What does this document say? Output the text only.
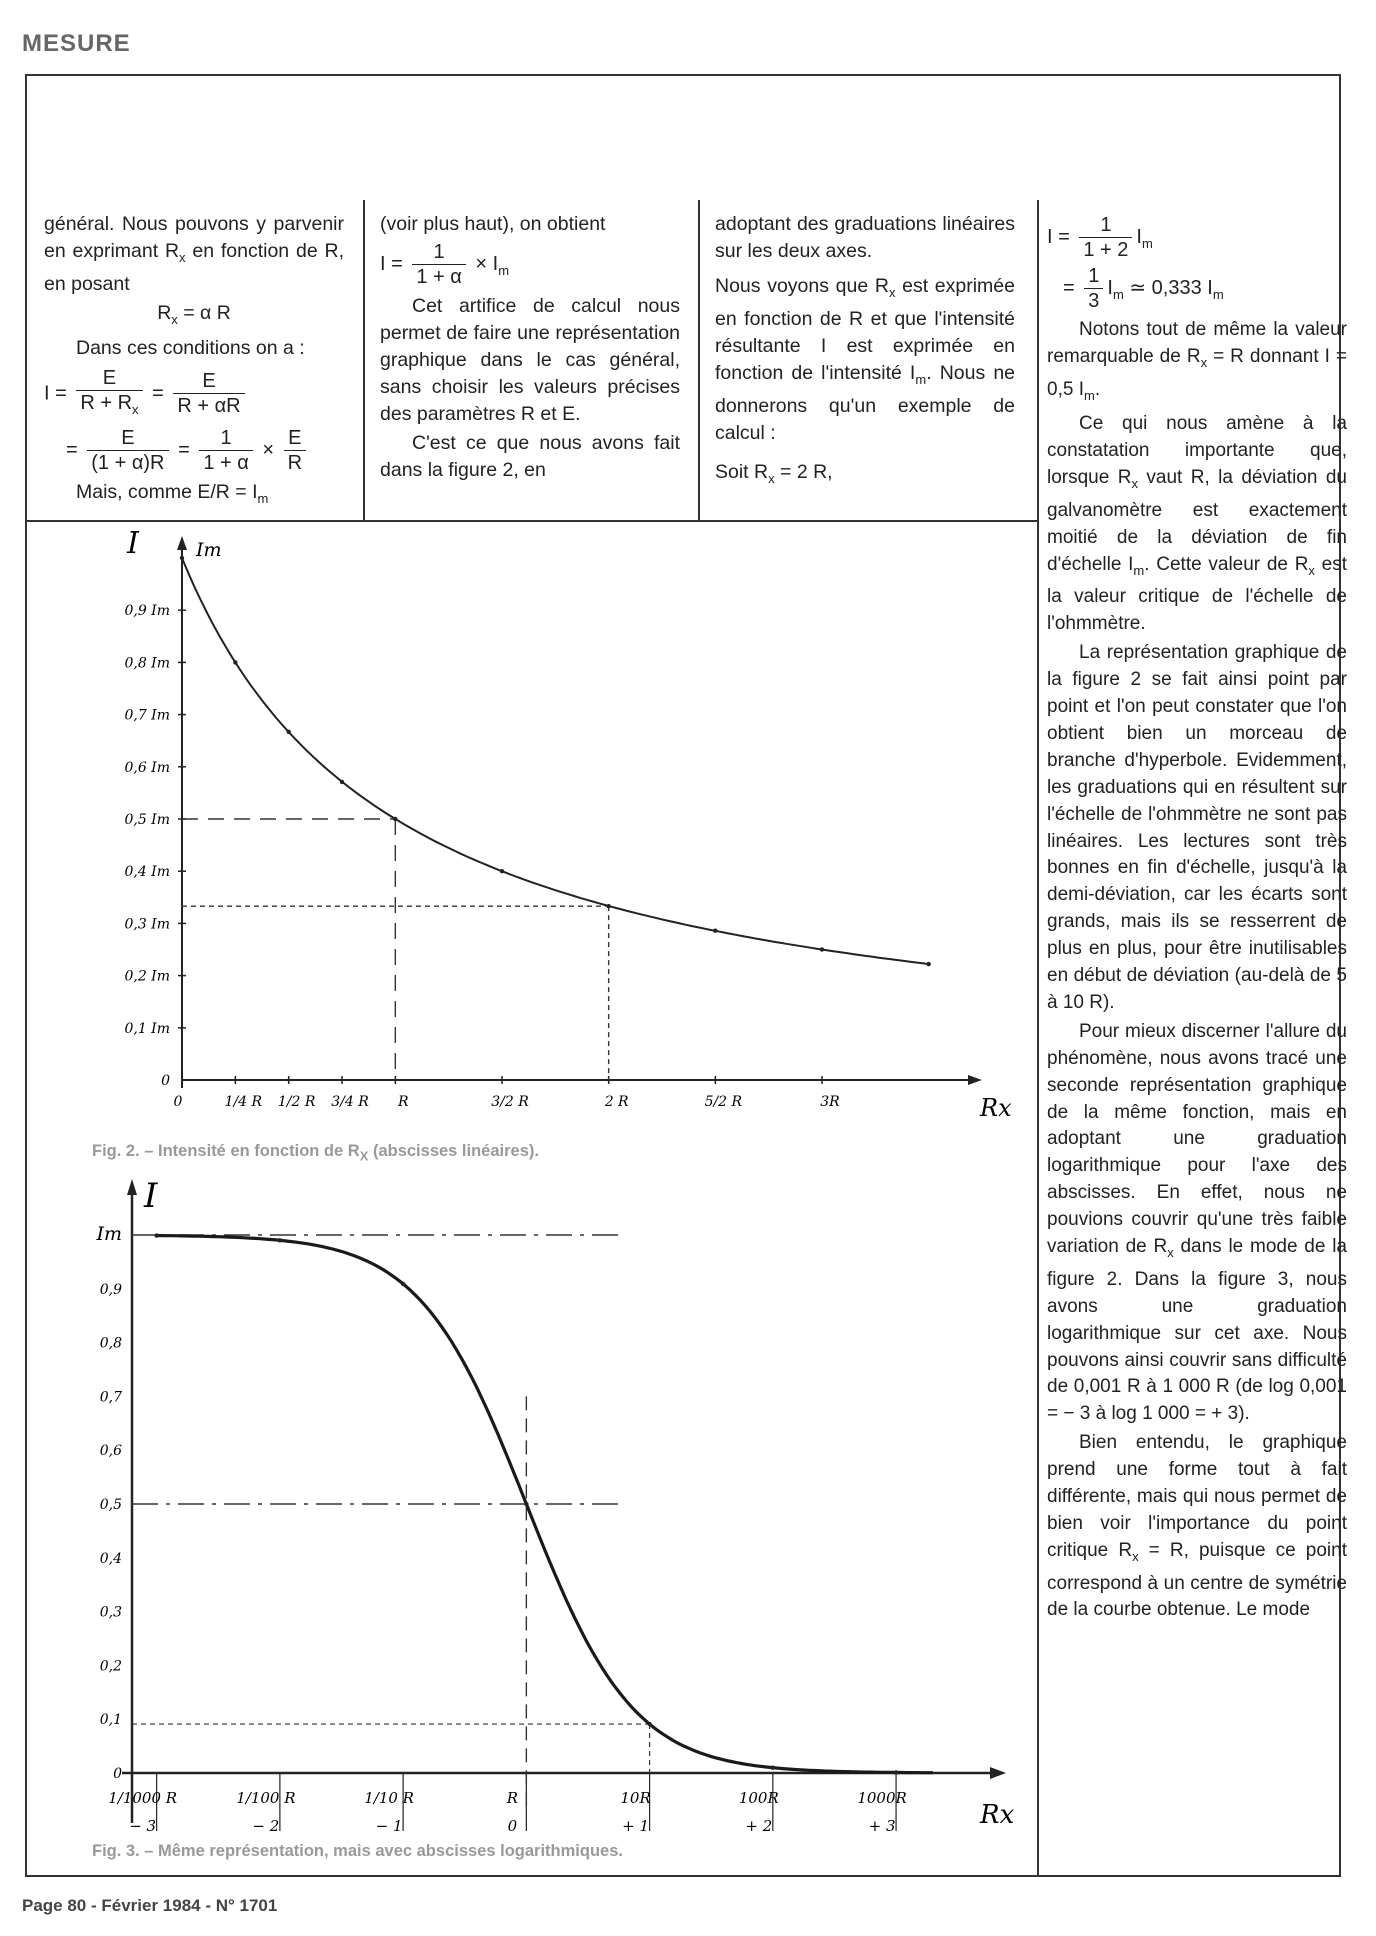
MESURE

général. Nous pouvons y parvenir en exprimant $R_x$ en fonction de R, en posant

$R_x = \alpha$ R

Dans ces conditions on a :

$I = \frac{E}{R + R_x} = \frac{E}{R + \alpha R}$
= $\frac{E}{(1 + \alpha)R} = \frac{1}{1 + \alpha} \times \frac{E}{R}$

Mais, comme $E/R = I_m$

(voir plus haut), on obtient

$I = \frac{1}{1 + \alpha} \times I_m$

Cet artifice de calcul nous permet de faire une représentation graphique dans le cas général, sans choisir les valeurs précises des paramètres R et E.

C'est ce que nous avons fait dans la figure 2, en

adoptant des graduations linéaires sur les deux axes.

Nous voyons que $R_x$ est exprimée en fonction de R et que l'intensité résultante I est exprimée en fonction de l'intensité $I_m$. Nous ne donnerons qu'un exemple de calcul :

Soit $R_x = 2$ R,

$I = \frac{1}{1 + 2} I_m$
= $\frac{1}{3} I_m$ ≃ 0,333 $I_m$

Notons tout de même la valeur remarquable de $R_x = R$ donnant I = 0,5 $I_m$.

Ce qui nous amène à la constatation importante que, lorsque $R_x$ vaut R, la déviation du galvanomètre est exactement moitié de la déviation de fin d'échelle $I_m$. Cette valeur de $R_x$ est la valeur critique de l'échelle de l'ohmmètre.

La représentation graphique de la figure 2 se fait ainsi point par point et l'on peut constater que l'on obtient bien un morceau de branche d'hyperbole. Evidemment, les graduations qui en résultent sur l'échelle de l'ohmmètre ne sont pas linéaires. Les lectures sont très bonnes en fin d'échelle, jusqu'à la demi-déviation, car les écarts sont grands, mais ils se resserrent de plus en plus, pour être inutilisables en début de déviation (au-delà de 5 à 10 R).

Pour mieux discerner l'allure du phénomène, nous avons tracé une seconde représentation graphique de la même fonction, mais en adoptant une graduation logarithmique pour l'axe des abscisses. En effet, nous ne pouvions couvrir qu'une très faible variation de $R_x$ dans le mode de la figure 2. Dans la figure 3, nous avons une graduation logarithmique sur cet axe. Nous pouvons ainsi couvrir sans difficulté de 0,001 R à 1 000 R (de log 0,001 = − 3 à log 1 000 = + 3).

Bien entendu, le graphique prend une forme tout à fait différente, mais qui nous permet de bien voir l'importance du point critique $R_x = R$, puisque ce point correspond à un centre de symétrie de la courbe obtenue. Le mode

I	Im
Rx
0
0,1 Im
0,2 Im
0,3 Im
0,4 Im
0,5 Im
0,6 Im
0,7 Im
0,8 Im
0,9 Im
0	1/4 R 1/2 R 3/4 R R	3/2 R	2 R	5/2 R	3R
Fig. 2. – Intensité en fonction de $R_X$ (abscisses linéaires).
I
Rx
0
0,1
0,2
0,3
0,4
0,5
0,6
0,7
0,8
0,9
Im
1/1000 R
− 3
1/100 R
− 2
1/10 R
− 1
R
0
10R
+ 1
100R
+ 2
1000R
+ 3
Fig. 3. – Même représentation, mais avec abscisses logarithmiques.
Page 80 - Février 1984 - N° 1701
